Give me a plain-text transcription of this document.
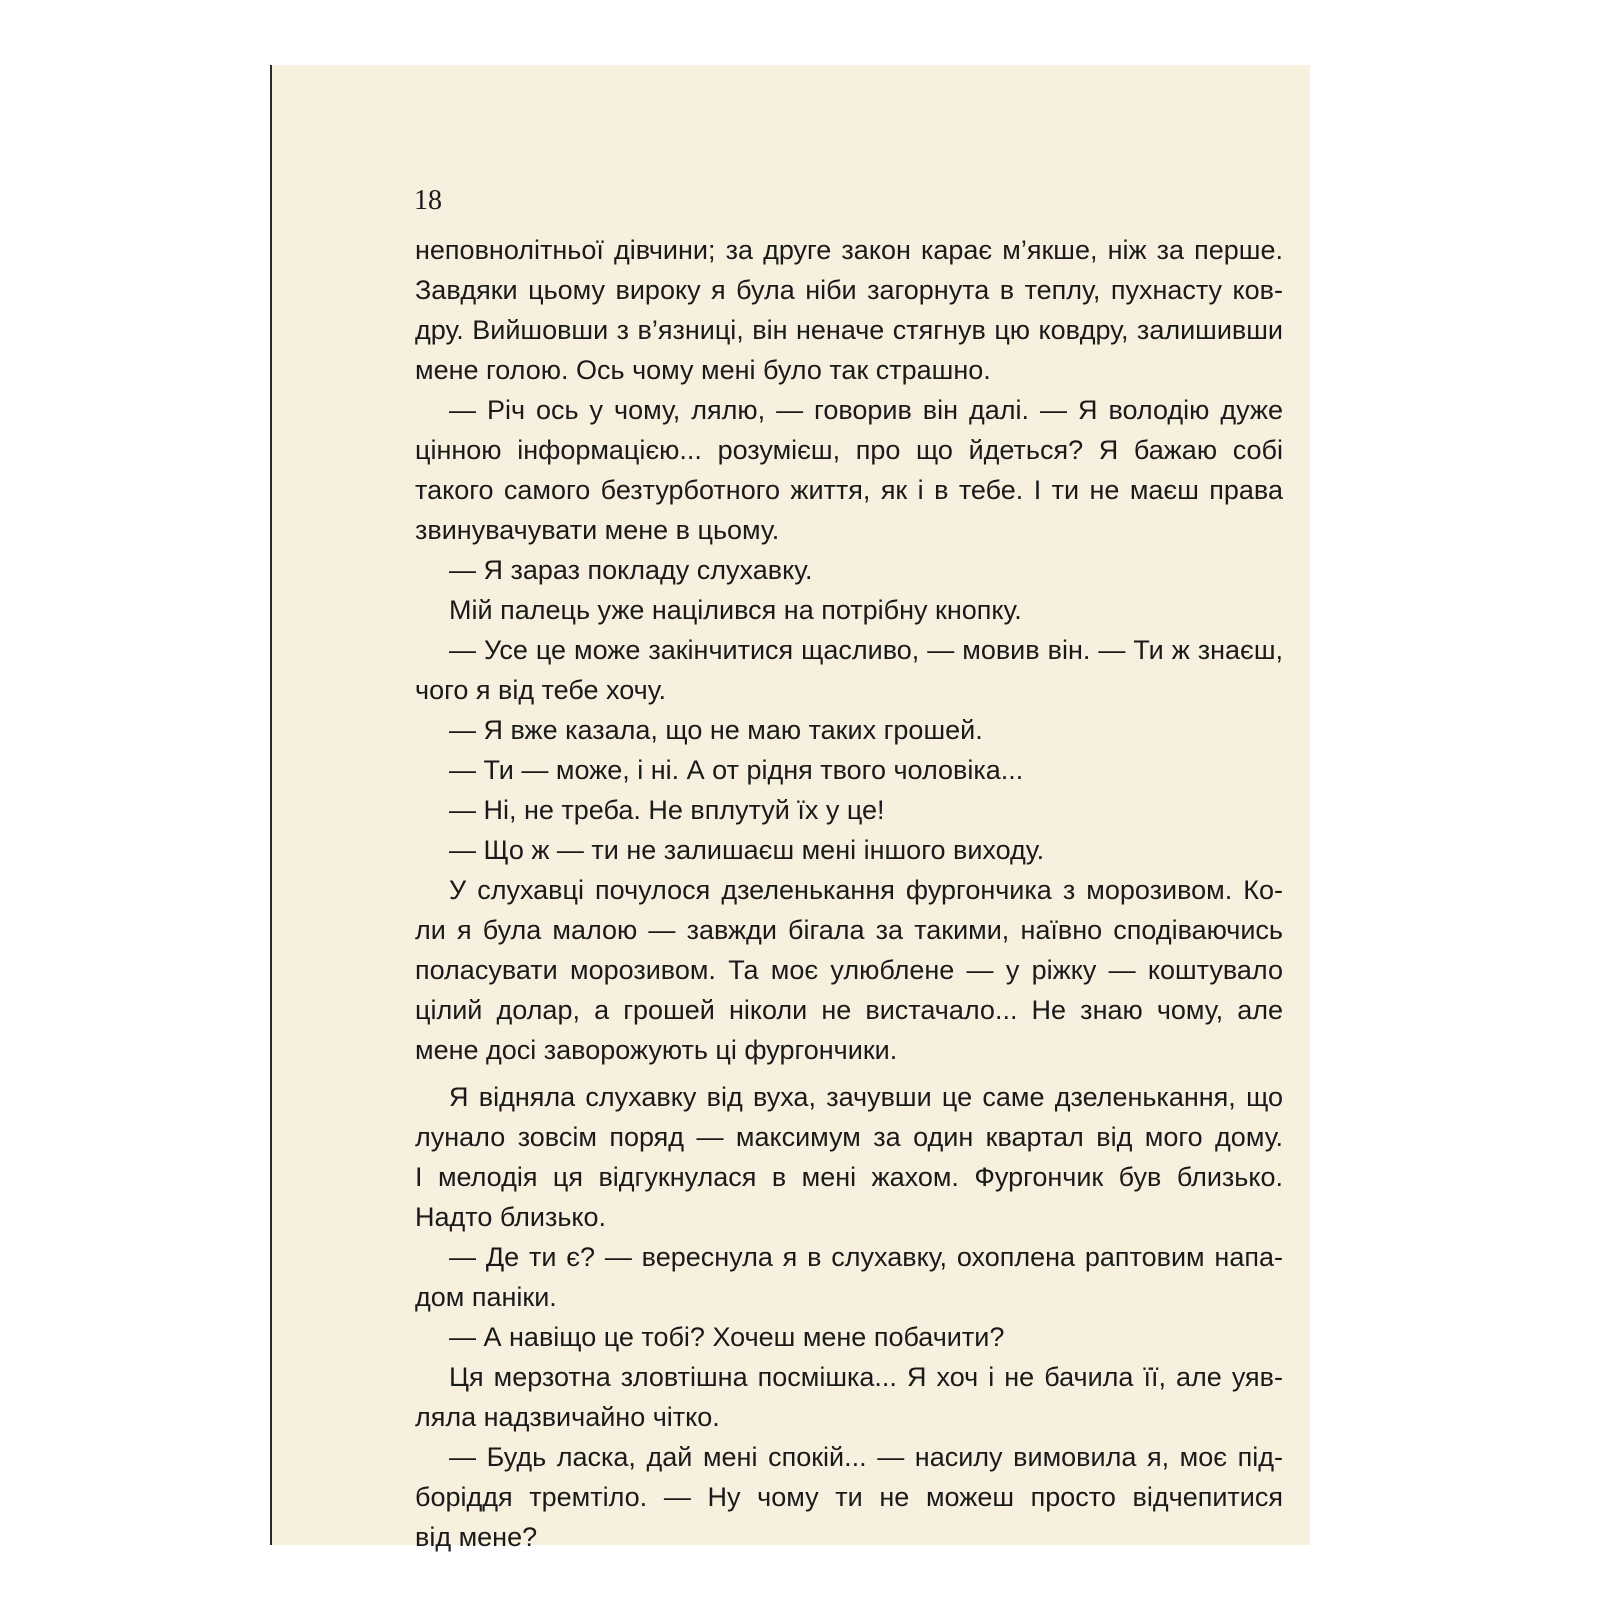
18
неповнолітньої дівчини; за друге закон карає м’якше, ніж за перше.
Завдяки цьому вироку я була ніби загорнута в теплу, пухнасту ков-
дру. Вийшовши з в’язниці, він неначе стягнув цю ковдру, залишивши
мене голою. Ось чому мені було так страшно.
— Річ ось у чому, лялю, — говорив він далі. — Я володію дуже
цінною інформацією... розумієш, про що йдеться? Я бажаю собі
такого самого безтурботного життя, як і в тебе. І ти не маєш права
звинувачувати мене в цьому.
— Я зараз покладу слухавку.
Мій палець уже націлився на потрібну кнопку.
— Усе це може закінчитися щасливо, — мовив він. — Ти ж знаєш,
чого я від тебе хочу.
— Я вже казала, що не маю таких грошей.
— Ти — може, і ні. А от рідня твого чоловіка...
— Ні, не треба. Не вплутуй їх у це!
— Що ж — ти не залишаєш мені іншого виходу.
У слухавці почулося дзеленькання фургончика з морозивом. Ко-
ли я була малою — завжди бігала за такими, наївно сподіваючись
поласувати морозивом. Та моє улюблене — у ріжку — коштувало
цілий долар, а грошей ніколи не вистачало... Не знаю чому, але
мене досі заворожують ці фургончики.
Я відняла слухавку від вуха, зачувши це саме дзеленькання, що
лунало зовсім поряд — максимум за один квартал від мого дому.
І мелодія ця відгукнулася в мені жахом. Фургончик був близько.
Надто близько.
— Де ти є? — вереснула я в слухавку, охоплена раптовим напа-
дом паніки.
— А навіщо це тобі? Хочеш мене побачити?
Ця мерзотна зловтішна посмішка... Я хоч і не бачила її, але уяв-
ляла надзвичайно чітко.
— Будь ласка, дай мені спокій... — насилу вимовила я, моє під-
боріддя тремтіло. — Ну чому ти не можеш просто відчепитися
від мене?
